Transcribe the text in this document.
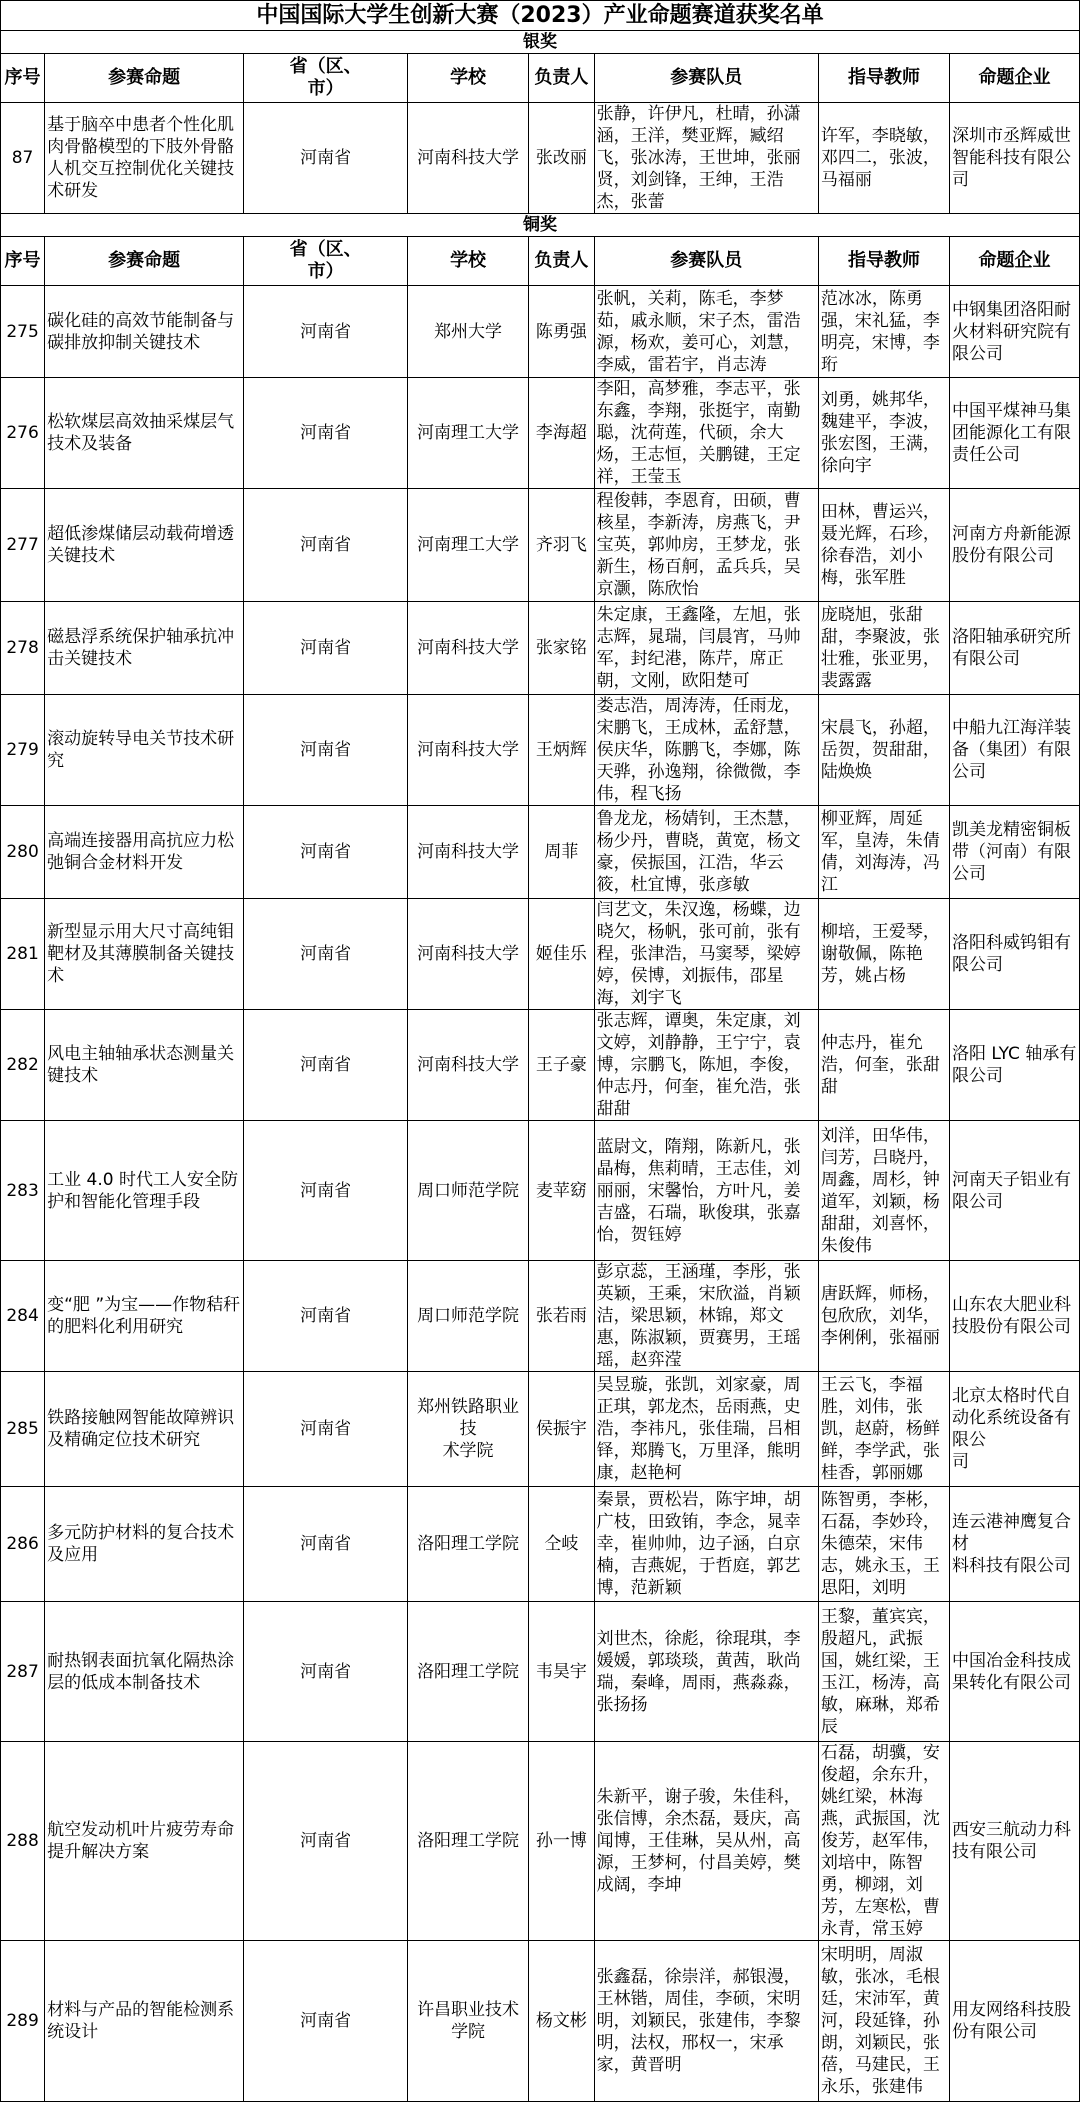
中国国际大学生创新大赛（2023）产业命题赛道获奖名单							
银奖							
序号	参赛命题	省（区、
市）	学校	负责人	参赛队员	指导教师	命题企业
87	基于脑卒中患者个性化肌肉骨骼模型的下肢外骨骼人机交互控制优化关键技术研发	河南省	河南科技大学	张改丽	张静，许伊凡，杜晴，孙潇涵，王洋，樊亚辉，臧绍飞，张冰涛，王世坤，张丽贤，刘剑锋，王绅，王浩杰，张蕾	许军，李晓敏，邓四二，张波，马福丽	深圳市丞辉威世智能科技有限公司
铜奖							
序号	参赛命题	省（区、
市）	学校	负责人	参赛队员	指导教师	命题企业
275	碳化硅的高效节能制备与碳排放抑制关键技术	河南省	郑州大学	陈勇强	张帆，关莉，陈毛，李梦茹，戚永顺，宋子杰，雷浩源，杨欢，姜可心，刘慧，李威，雷若宇，肖志涛	范冰冰，陈勇强，宋礼猛，李明亮，宋博，李珩	中钢集团洛阳耐火材料研究院有限公司
276	松软煤层高效抽采煤层气技术及装备	河南省	河南理工大学	李海超	李阳，高梦雅，李志平，张东鑫，李翔，张挺宇，南勤聪，沈荷莲，代硕，余大炀，王志恒，关鹏键，王定祥，王莹玉	刘勇，姚邦华，魏建平，李波，张宏图，王满，徐向宇	中国平煤神马集团能源化工有限责任公司
277	超低渗煤储层动载荷增透关键技术	河南省	河南理工大学	齐羽飞	程俊韩，李恩育，田硕，曹核星，李新涛，房燕飞，尹宝英，郭帅房，王梦龙，张新生，杨百舸，孟兵兵，吴京灏，陈欣怡	田林，曹运兴，聂光辉，石珍，徐春浩，刘小梅，张军胜	河南方舟新能源股份有限公司
278	磁悬浮系统保护轴承抗冲击关键技术	河南省	河南科技大学	张家铭	朱定康，王鑫隆，左旭，张志辉，晁瑞，闫晨宵，马帅军，封纪港，陈芹，席正朝，文刚，欧阳楚可	庞晓旭，张甜甜，李聚波，张壮雅，张亚男，裴露露	洛阳轴承研究所有限公司
279	滚动旋转导电关节技术研究	河南省	河南科技大学	王炳辉	娄志浩，周涛涛，任雨龙，宋鹏飞，王成林，孟舒慧，侯庆华，陈鹏飞，李娜，陈天骅，孙逸翔，徐微微，李伟，程飞扬	宋晨飞，孙超，岳贺，贺甜甜，陆焕焕	中船九江海洋装备（集团）有限公司
280	高端连接器用高抗应力松
弛铜合金材料开发	河南省	河南科技大学	周菲	鲁龙龙，杨婧钊，王杰慧，杨少丹，曹晓，黄宽，杨文豪，侯振国，江浩，华云筱，杜宜博，张彦敏	柳亚辉，周延军，皇涛，朱倩倩，刘海涛，冯江	凯美龙精密铜板带（河南）有限公司
281	新型显示用大尺寸高纯钼靶材及其薄膜制备关键技
术	河南省	河南科技大学	姬佳乐	闫艺文，朱汉逸，杨蝶，边晓欠，杨帆，张可前，张有程，张津浩，马窦琴，梁婷婷，侯博，刘振伟，邵星海，刘宇飞	柳培，王爱琴，谢敬佩，陈艳芳，姚占杨	洛阳科威钨钼有限公司
282	风电主轴轴承状态测量关键技术	河南省	河南科技大学	王子豪	张志辉，谭奥，朱定康，刘文婷，刘静静，王宁宁，袁博，宗鹏飞，陈旭，李俊，仲志丹，何奎，崔允浩，张甜甜	仲志丹，崔允浩，何奎，张甜甜	洛阳 LYC 轴承有限公司
283	工业 4.0 时代工人安全防护和智能化管理手段	河南省	周口师范学院	麦苹窈	蓝尉文，隋翔，陈新凡，张晶梅，焦莉晴，王志佳，刘丽丽，宋馨怡，方叶凡，姜吉盛，石瑞，耿俊琪，张嘉怡，贺钰婷	刘洋，田华伟，闫芳，吕晓丹，周鑫，周杉，钟道军，刘颖，杨甜甜，刘喜怀，朱俊伟	河南天子铝业有限公司
284	变“肥 ”为宝——作物秸秆的肥料化利用研究	河南省	周口师范学院	张若雨	彭京蕊，王涵瑾，李彤，张英颖，王乘，宋欣溢，肖颖洁，梁思颖，林锦，郑文惠，陈淑颖，贾赛男，王瑶瑶，赵弈滢	唐跃辉，师杨，包欣欣，刘华，李俐俐，张福丽	山东农大肥业科技股份有限公司
285	铁路接触网智能故障辨识及精确定位技术研究	河南省	郑州铁路职业技
术学院	侯振宇	吴昱璇，张凯，刘家豪，周正琪，郭龙杰，岳雨燕，史浩，李祎凡，张佳瑞，吕相铎，郑腾飞，万里泽，熊明康，赵艳柯	王云飞，李福胜，刘伟，张凯，赵蔚，杨鲜鲜，李学武，张桂香，郭丽娜	北京太格时代自动化系统设备有限公
司
286	多元防护材料的复合技术及应用	河南省	洛阳理工学院	仝岐	秦景，贾松岩，陈宇坤，胡广枝，田致铕，李念，晁幸幸，崔帅帅，边子涵，白京楠，吉燕妮，于哲庭，郭艺博，范新颖	陈智勇，李彬，石磊，李妙玲，朱德荣，宋伟志，姚永玉，王思阳，刘明	连云港神鹰复合材
料科技有限公司
287	耐热钢表面抗氧化隔热涂层的低成本制备技术	河南省	洛阳理工学院	韦昊宇	刘世杰，徐彪，徐琨琪，李媛媛，郭琰琰，黄茜，耿尚瑞，秦峰，周雨，燕淼淼，张扬扬	王黎，董宾宾，殷超凡，武振国，姚红梁，王玉江，杨涛，高敏，麻琳，郑希辰	中国冶金科技成果转化有限公司
288	航空发动机叶片疲劳寿命提升解决方案	河南省	洛阳理工学院	孙一博	朱新平，谢子骏，朱佳科，张信博，余杰磊，聂庆，高闻博，王佳琳，吴从州，高源，王梦柯，付昌美婷，樊成阔，李坤	石磊，胡骥，安俊超，余东升，姚红梁，林海燕，武振国，沈俊芳，赵军伟，刘培中，陈智勇，柳翊，刘芳，左寒松，曹永青，常玉婷	西安三航动力科技有限公司
289	材料与产品的智能检测系统设计	河南省	许昌职业技术学院	杨文彬	张鑫磊，徐崇洋，郝银漫，王林锴，周佳，李硕，宋明明，刘颖民，张建伟，李黎明，法权，邢权一，宋承家，黄晋明	宋明明，周淑敏，张冰，毛根廷，宋沛军，黄河，段延锋，孙朗，刘颖民，张蓓，马建民，王永乐，张建伟	用友网络科技股份有限公司
